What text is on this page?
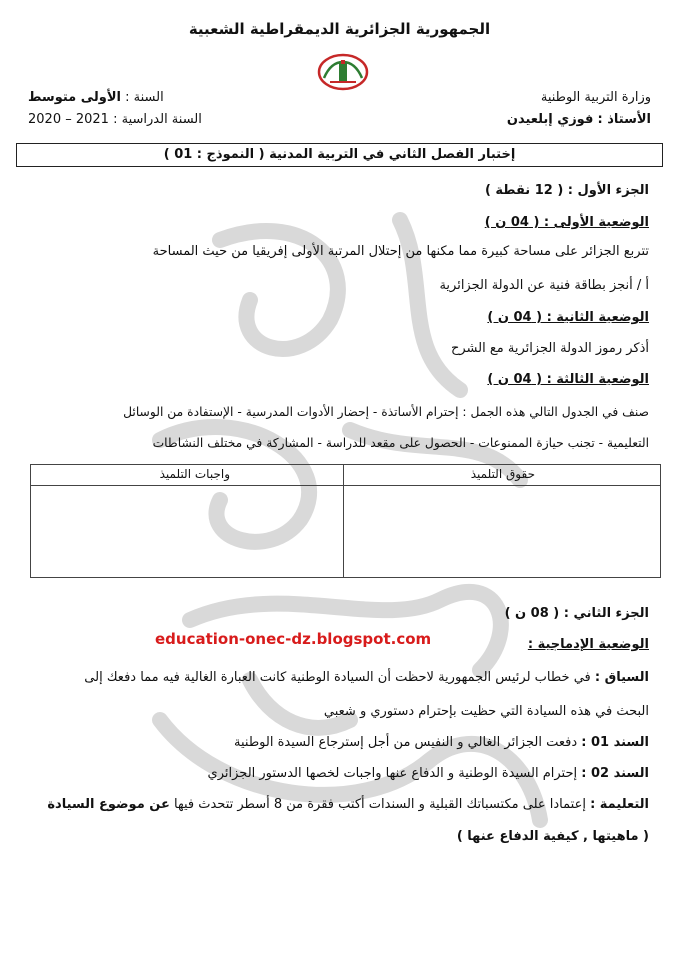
الجمهورية الجزائرية الديمقراطية الشعبية
وزارة التربية الوطنية
الأستاذ : فوزي إبلعيدن
السنة : الأولى متوسط
السنة الدراسية : 2021 – 2020
إختبار الفصل الثاني في التربية المدنية ( النموذج : 01 )
الجزء الأول : ( 12 نقطة )
الوضعية الأولى : ( 04 ن )
تتربع الجزائر على مساحة كبيرة مما مكنها من إحتلال المرتبة الأولى إفريقيا من حيث المساحة
أ / أنجز بطاقة فنية عن الدولة الجزائرية
الوضعية الثانية : ( 04 ن )
أذكر رموز الدولة الجزائرية مع الشرح
الوضعية الثالثة : ( 04 ن )
صنف في الجدول التالي هذه الجمل : إحترام الأساتذة - إحضار الأدوات المدرسية - الإستفادة من الوسائل
التعليمية - تجنب حيازة الممنوعات - الحصول على مقعد للدراسة - المشاركة في مختلف النشاطات
حقوق التلميذ
واجبات التلميذ
الجزء الثاني : ( 08 ن )
education-onec-dz.blogspot.com	الوضعية الإدماجية :
السياق : في خطاب لرئيس الجمهورية لاحظت أن السيادة الوطنية كانت العبارة الغالية فيه مما دفعك إلى
البحث في هذه السيادة التي حظيت بإحترام دستوري و شعبي
السند 01 : دفعت الجزائر الغالي و النفيس من أجل إسترجاع السيدة الوطنية
السند 02 : إحترام السيدة الوطنية و الدفاع عنها واجبات لخصها الدستور الجزائري
التعليمة : إعتمادا على مكتسباتك القبلية و السندات أكتب فقرة من 8 أسطر تتحدث فيها عن موضوع السيادة
( ماهيتها , كيفية الدفاع عنها )
